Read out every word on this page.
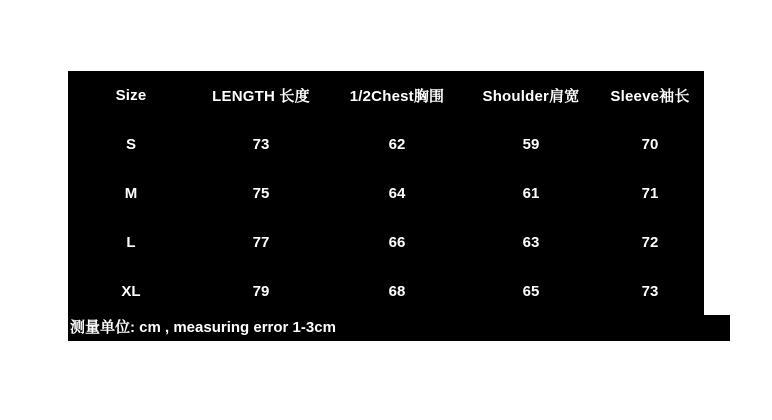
Size	LENGTH 长度	1/2Chest胸围	Shoulder肩宽	Sleeve袖长
S	73	62	59	70
M	75	64	61	71
L	77	66	63	72
XL	79	68	65	73
测量单位: cm , measuring error 1-3cm
